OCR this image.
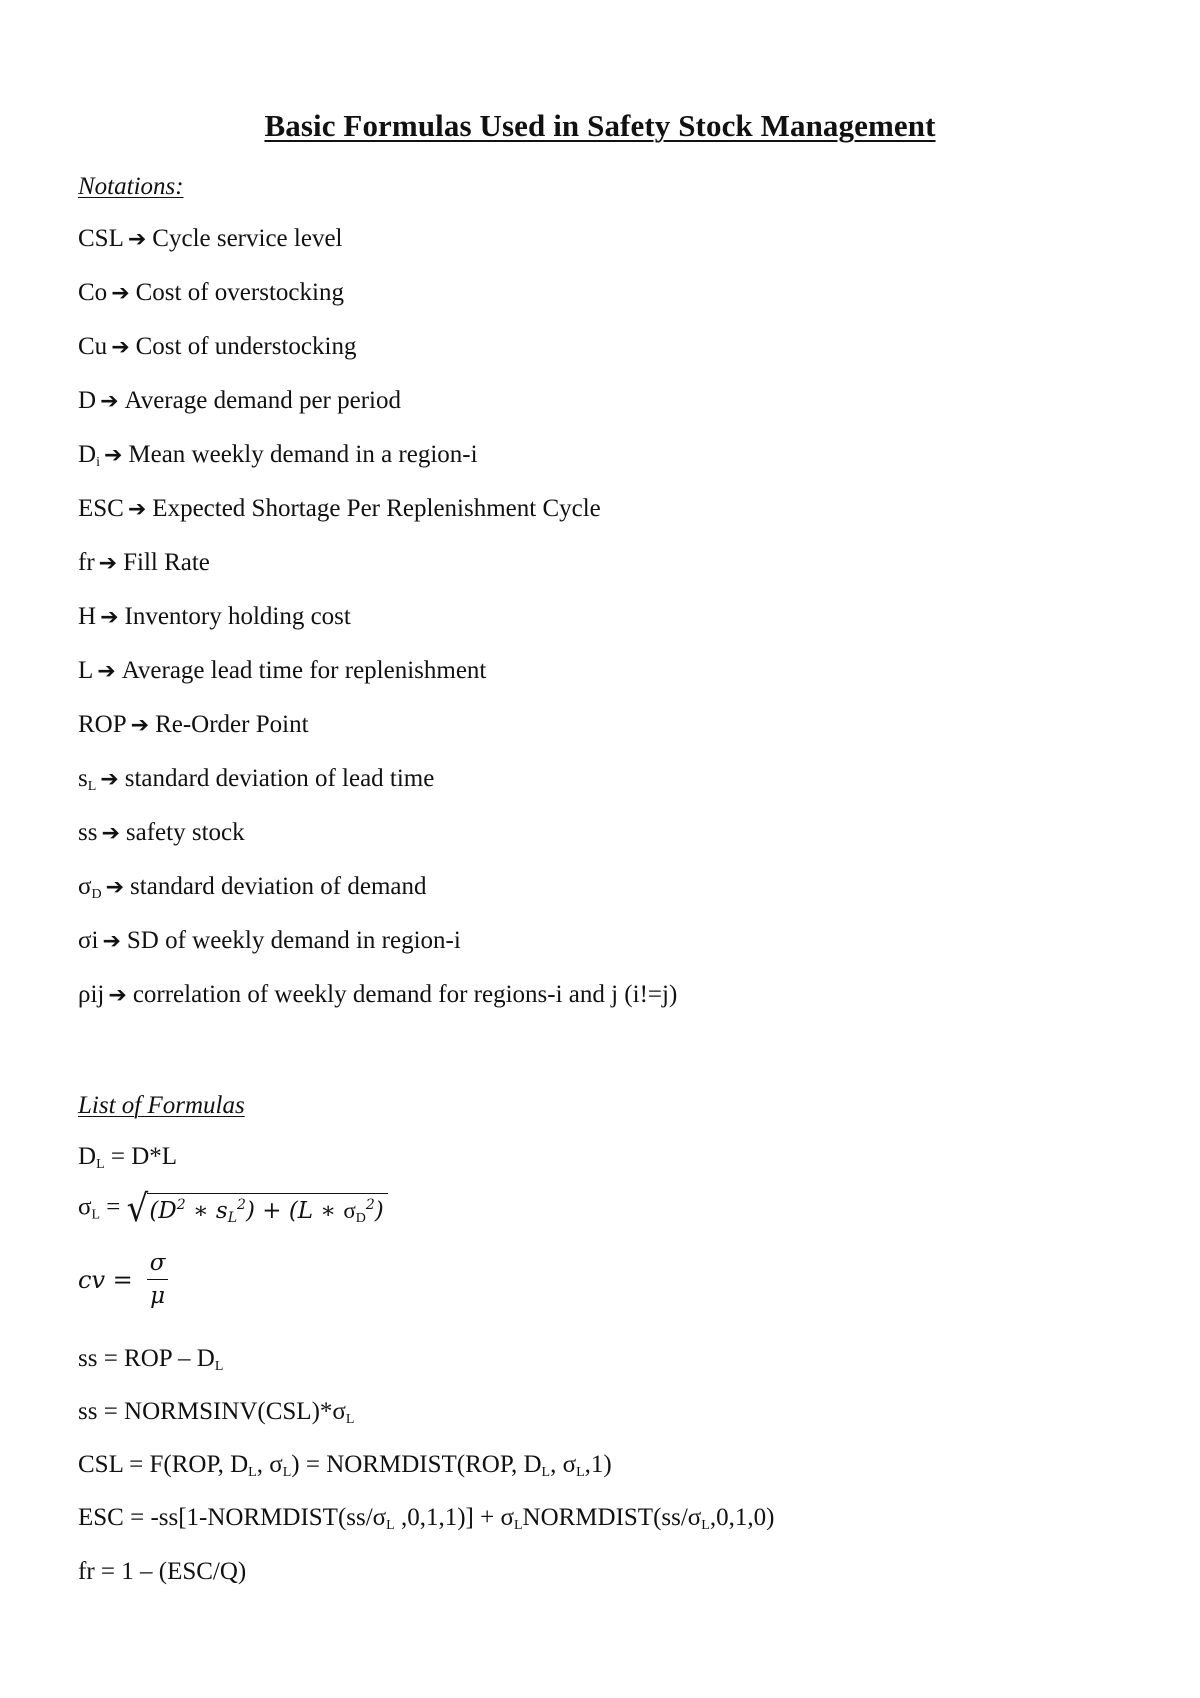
Basic Formulas Used in Safety Stock Management
Notations:
CSL ➔ Cycle service level
Co ➔ Cost of overstocking
Cu ➔ Cost of understocking
D ➔ Average demand per period
$D_i$ ➔ Mean weekly demand in a region-i
ESC ➔ Expected Shortage Per Replenishment Cycle
fr ➔ Fill Rate
H ➔ Inventory holding cost
L ➔ Average lead time for replenishment
ROP ➔ Re-Order Point
$s_L$ ➔ standard deviation of lead time
ss ➔ safety stock
$\sigma_D$ ➔ standard deviation of demand
σi ➔ SD of weekly demand in region-i
ρij ➔ correlation of weekly demand for regions-i and j (i!=j)
List of Formulas
$D_L = D*L$
$\sigma_L$ = √ ($D^2$ ∗ $s_L^2) + (L$ ∗ $\sigma_D^2$)
cv = $\frac{\sigma}{\mu}$
ss = ROP – $D_L$
ss = $NORMSINV(CSL)*\sigma_L$
CSL = F(ROP, $D_L$, $\sigma_L$) = NORMDIST(ROP, $D_L$, $\sigma_L,1$)
ESC = $-ss[1-NORMDIST(ss/\sigma_L$ $,0,1,1)] + \sigma_LNORMDIST(ss/\sigma_L,0,1,0)$
fr = 1 – (ESC/Q)
